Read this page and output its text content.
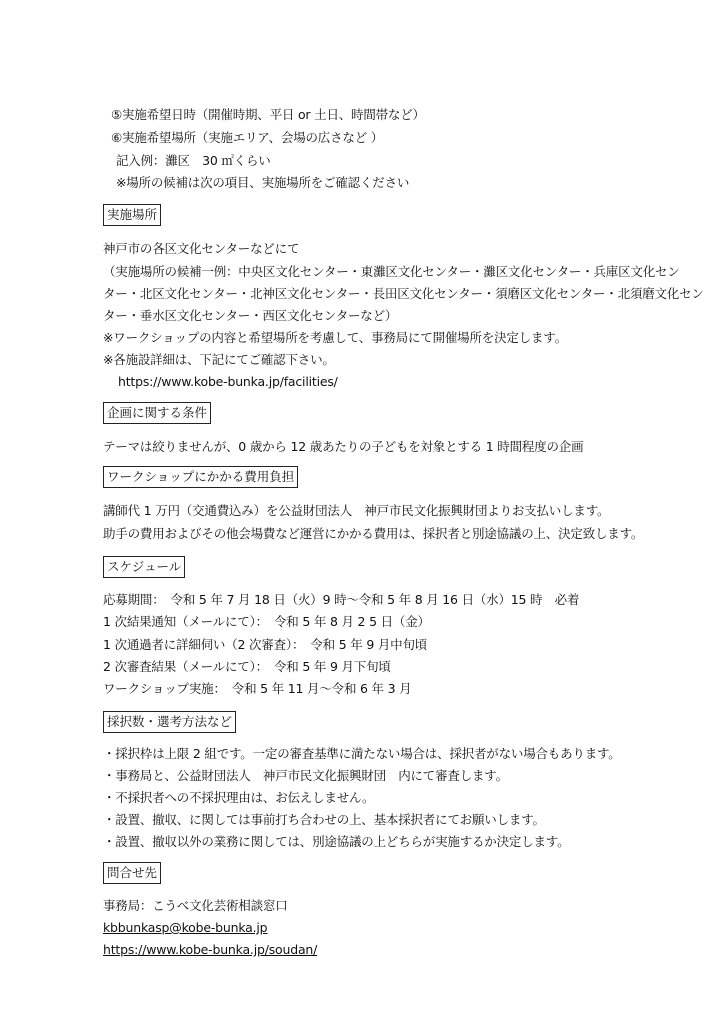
⑤実施希望日時（開催時期、平日 or 土日、時間帯など）
⑥実施希望場所（実施エリア、会場の広さなど ）
記入例：灘区　30 ㎡くらい
※場所の候補は次の項目、実施場所をご確認ください
実施場所
神戸市の各区文化センターなどにて
（実施場所の候補一例：中央区文化センター・東灘区文化センター・灘区文化センター・兵庫区文化セン
ター・北区文化センター・北神区文化センター・長田区文化センター・須磨区文化センター・北須磨文化セン
ター・垂水区文化センター・西区文化センターなど）
※ワークショップの内容と希望場所を考慮して、事務局にて開催場所を決定します。
※各施設詳細は、下記にてご確認下さい。
https://www.kobe-bunka.jp/facilities/
企画に関する条件
テーマは絞りませんが、0 歳から 12 歳あたりの子どもを対象とする 1 時間程度の企画
ワークショップにかかる費用負担
講師代 1 万円（交通費込み）を公益財団法人　神戸市民文化振興財団よりお支払いします。
助手の費用およびその他会場費など運営にかかる費用は、採択者と別途協議の上、決定致します。
スケジュール
応募期間：　令和 5 年 7 月 18 日（火）9 時～令和 5 年 8 月 16 日（水）15 時　必着
1 次結果通知（メールにて）：　令和 5 年 8 月 2 5 日（金）
1 次通過者に詳細伺い（2 次審査）：　令和 5 年 9 月中旬頃
2 次審査結果（メールにて）：　令和 5 年 9 月下旬頃
ワークショップ実施：　令和 5 年 11 月～令和 6 年 3 月
採択数・選考方法など
・採択枠は上限 2 組です。一定の審査基準に満たない場合は、採択者がない場合もあります。
・事務局と、公益財団法人　神戸市民文化振興財団　内にて審査します。
・不採択者への不採択理由は、お伝えしません。
・設置、撤収、に関しては事前打ち合わせの上、基本採択者にてお願いします。
・設置、撤収以外の業務に関しては、別途協議の上どちらが実施するか決定します。
問合せ先
事務局：こうべ文化芸術相談窓口
kbbunkasp@kobe-bunka.jp
https://www.kobe-bunka.jp/soudan/
